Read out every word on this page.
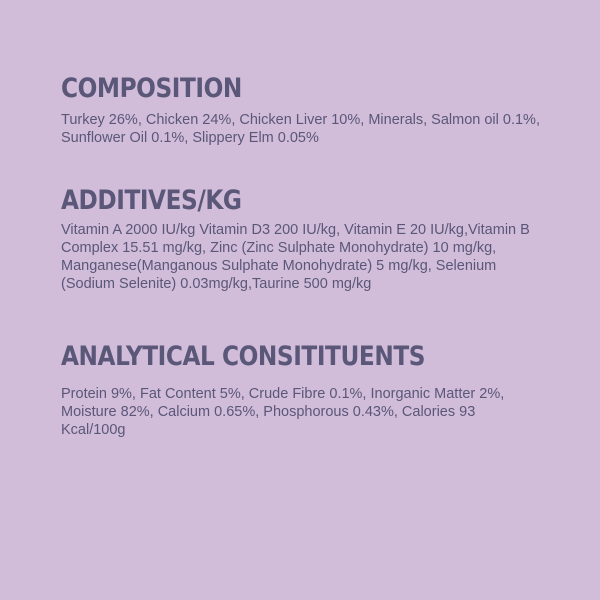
COMPOSITION

Turkey 26%, Chicken 24%, Chicken Liver 10%, Minerals, Salmon oil 0.1%, Sunflower Oil 0.1%, Slippery Elm 0.05%

ADDITIVES/KG

Vitamin A 2000 IU/kg Vitamin D3 200 IU/kg, Vitamin E 20 IU/kg,Vitamin B Complex 15.51 mg/kg, Zinc (Zinc Sulphate Monohydrate) 10 mg/kg, Manganese(Manganous Sulphate Monohydrate) 5 mg/kg, Selenium (Sodium Selenite) 0.03mg/kg,Taurine 500 mg/kg

ANALYTICAL CONSITITUENTS

Protein 9%, Fat Content 5%, Crude Fibre 0.1%, Inorganic Matter 2%, Moisture 82%, Calcium 0.65%, Phosphorous 0.43%, Calories 93 Kcal/100g
